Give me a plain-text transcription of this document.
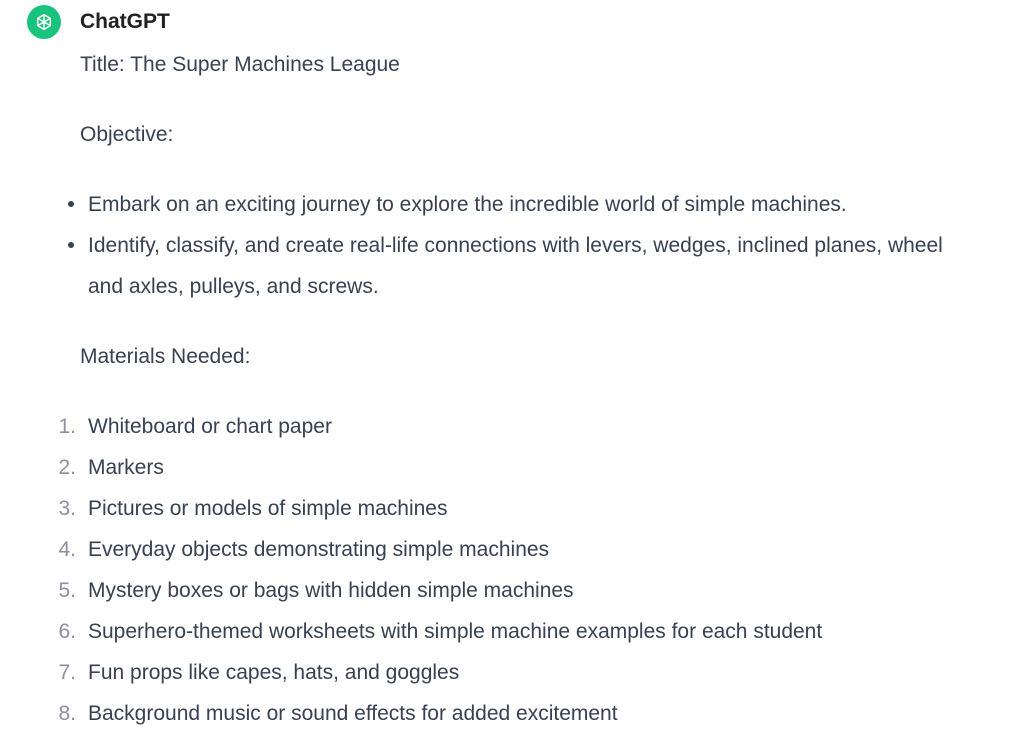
ChatGPT

Title: The Super Machines League

Objective:

Embark on an exciting journey to explore the incredible world of simple machines.
Identify, classify, and create real-life connections with levers, wedges, inclined planes, wheel and axles, pulleys, and screws.

Materials Needed:

1. Whiteboard or chart paper
2. Markers
3. Pictures or models of simple machines
4. Everyday objects demonstrating simple machines
5. Mystery boxes or bags with hidden simple machines
6. Superhero-themed worksheets with simple machine examples for each student
7. Fun props like capes, hats, and goggles
8. Background music or sound effects for added excitement
